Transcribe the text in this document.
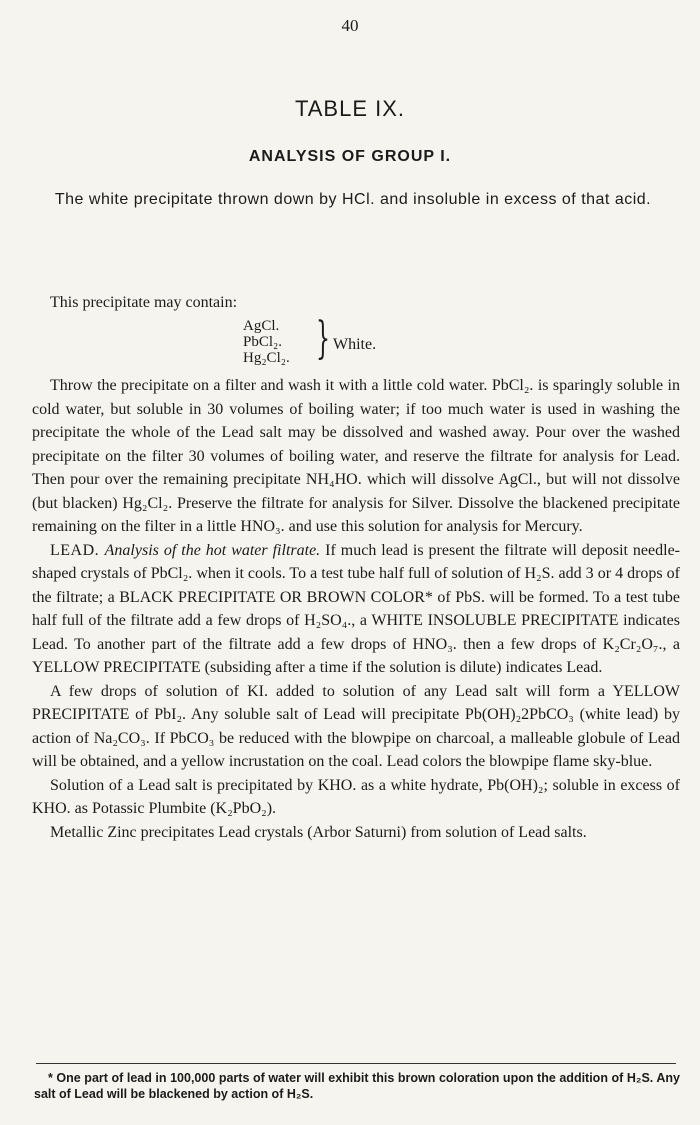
40
TABLE IX.
ANALYSIS OF GROUP I.
The white precipitate thrown down by HCl. and insoluble in excess of that acid.
This precipitate may contain:
AgCl.
PbCl₂.
Hg₂Cl₂. } White.

Throw the precipitate on a filter and wash it with a little cold water. PbCl₂. is sparingly soluble in cold water, but soluble in 30 volumes of boiling water; if too much water is used in washing the precipitate the whole of the Lead salt may be dissolved and washed away. Pour over the washed precipitate on the filter 30 volumes of boiling water, and reserve the filtrate for analysis for Lead. Then pour over the remaining precipitate NH₄HO. which will dissolve AgCl., but will not dissolve (but blacken) Hg₂Cl₂. Preserve the filtrate for analysis for Silver. Dissolve the blackened precipitate remaining on the filter in a little HNO₃. and use this solution for analysis for Mercury.

LEAD. Analysis of the hot water filtrate. If much lead is present the filtrate will deposit needle-shaped crystals of PbCl₂. when it cools. To a test tube half full of solution of H₂S. add 3 or 4 drops of the filtrate; a BLACK PRECIPITATE OR BROWN COLOR* of PbS. will be formed. To a test tube half full of the filtrate add a few drops of H₂SO₄., a WHITE INSOLUBLE PRECIPITATE indicates Lead. To another part of the filtrate add a few drops of HNO₃. then a few drops of K₂Cr₂O₇., a YELLOW PRECIPITATE (subsiding after a time if the solution is dilute) indicates Lead.

A few drops of solution of KI. added to solution of any Lead salt will form a YELLOW PRECIPITATE of PbI₂. Any soluble salt of Lead will precipitate Pb(OH)₂2PbCO₃ (white lead) by action of Na₂CO₃. If PbCO₃ be reduced with the blowpipe on charcoal, a malleable globule of Lead will be obtained, and a yellow incrustation on the coal. Lead colors the blowpipe flame sky-blue.

Solution of a Lead salt is precipitated by KHO. as a white hydrate, Pb(OH)₂; soluble in excess of KHO. as Potassic Plumbite (K₂PbO₂).

Metallic Zinc precipitates Lead crystals (Arbor Saturni) from solution of Lead salts.

* One part of lead in 100,000 parts of water will exhibit this brown coloration upon the addition of H₂S. Any salt of Lead will be blackened by action of H₂S.
